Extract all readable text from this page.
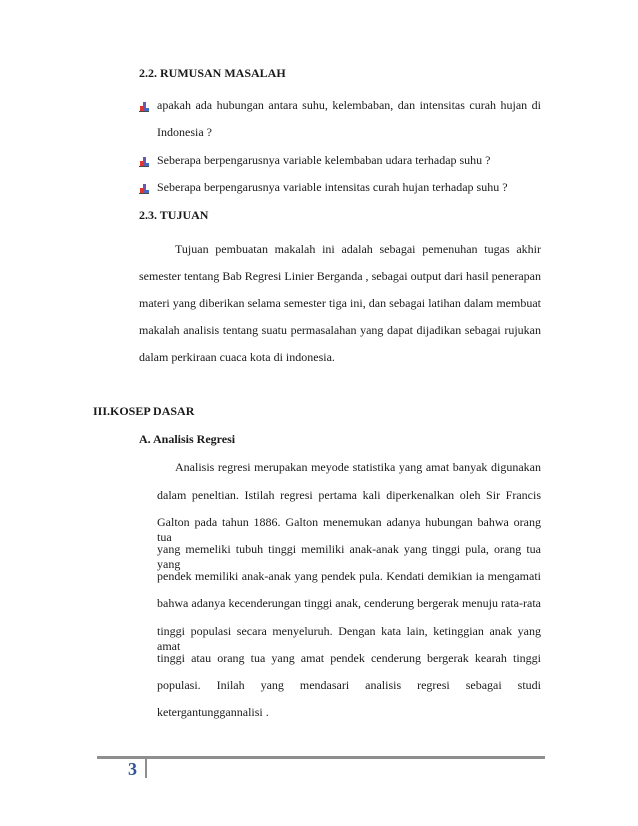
2.2. RUMUSAN MASALAH
apakah ada hubungan antara suhu, kelembaban, dan intensitas curah hujan di
Indonesia ?
Seberapa berpengarusnya variable kelembaban udara terhadap suhu ?
Seberapa berpengarusnya variable intensitas curah hujan terhadap suhu ?
2.3. TUJUAN
Tujuan pembuatan makalah ini adalah sebagai pemenuhan tugas akhir
semester tentang Bab Regresi Linier Berganda , sebagai output dari hasil penerapan
materi yang diberikan selama semester tiga ini, dan sebagai latihan dalam membuat
makalah analisis tentang suatu permasalahan yang dapat dijadikan sebagai rujukan
dalam perkiraan cuaca kota di indonesia.
III.KOSEP DASAR
A. Analisis Regresi
Analisis regresi merupakan meyode statistika yang amat banyak digunakan
dalam peneltian. Istilah regresi pertama kali diperkenalkan oleh Sir Francis
Galton pada tahun 1886. Galton menemukan adanya hubungan bahwa orang tua
yang memeliki tubuh tinggi memiliki anak-anak yang tinggi pula, orang tua yang
pendek memiliki anak-anak yang pendek pula. Kendati demikian ia mengamati
bahwa adanya kecenderungan tinggi anak, cenderung bergerak menuju rata-rata
tinggi populasi secara menyeluruh. Dengan kata lain, ketinggian anak yang amat
tinggi atau orang tua yang amat pendek cenderung bergerak kearah tinggi
populasi. Inilah yang mendasari analisis regresi sebagai studi
ketergantunggannalisi .
3
